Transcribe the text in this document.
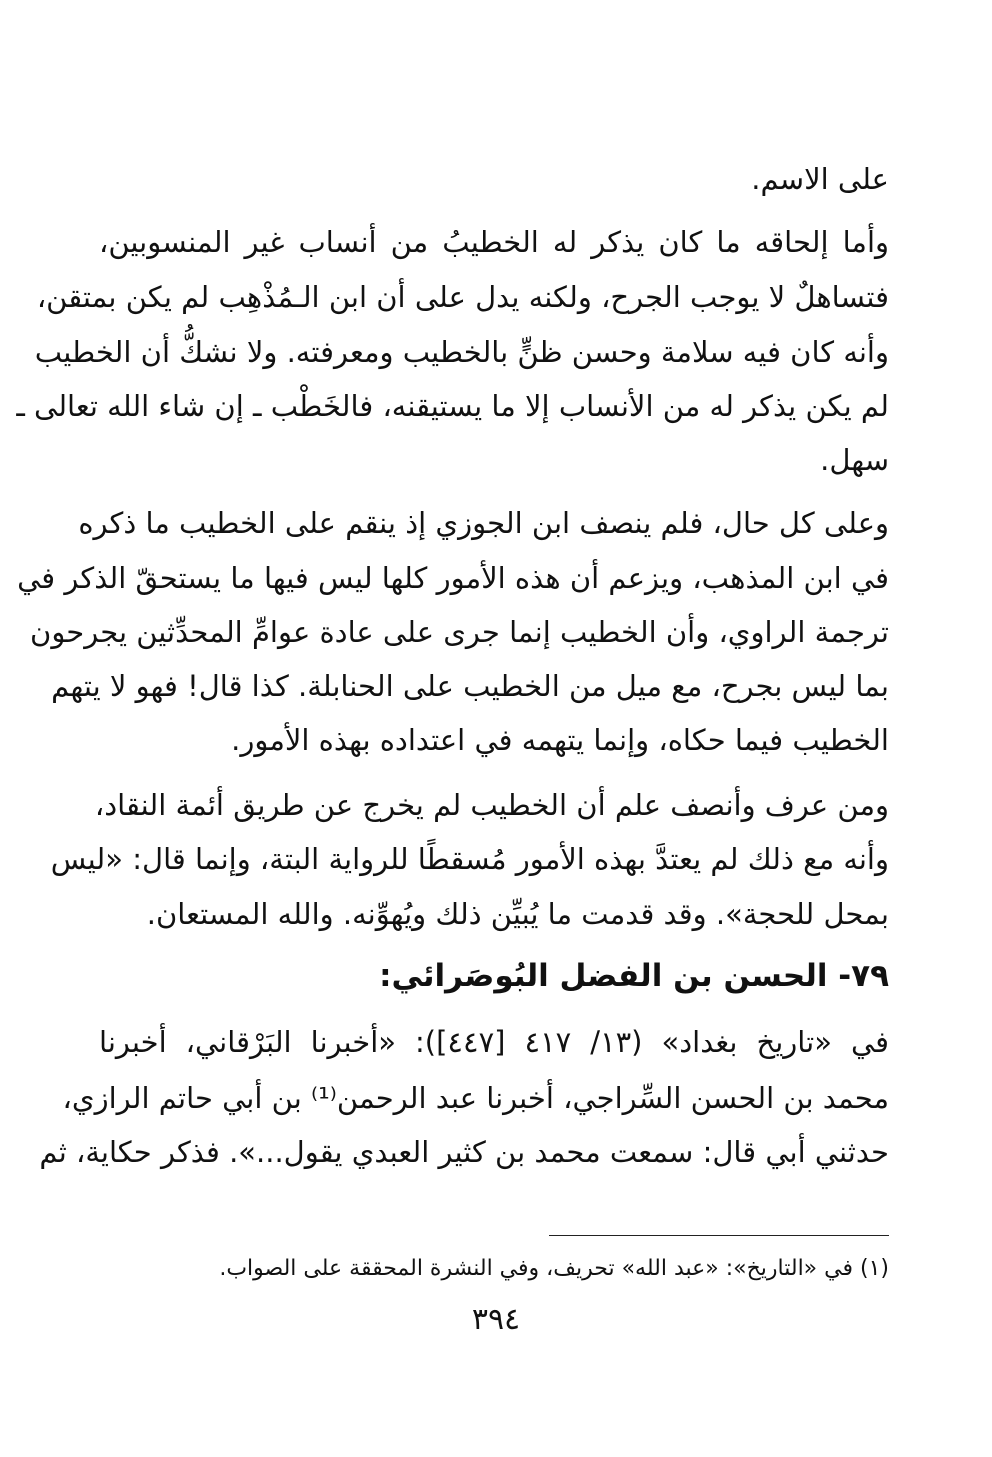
على الاسم.
وأما إلحاقه ما كان يذكر له الخطيبُ من أنساب غير المنسوبين،
فتساهلٌ لا يوجب الجرح، ولكنه يدل على أن ابن الـمُذْهِب لم يكن بمتقن،
وأنه كان فيه سلامة وحسن ظنٍّ بالخطيب ومعرفته. ولا نشكُّ أن الخطيب
لم يكن يذكر له من الأنساب إلا ما يستيقنه، فالخَطْب ـ إن شاء الله تعالى ـ
سهل.
وعلى كل حال، فلم ينصف ابن الجوزي إذ ينقم على الخطيب ما ذكره
في ابن المذهب، ويزعم أن هذه الأمور كلها ليس فيها ما يستحقّ الذكر في
ترجمة الراوي، وأن الخطيب إنما جرى على عادة عوامِّ المحدِّثين يجرحون
بما ليس بجرح، مع ميل من الخطيب على الحنابلة. كذا قال! فهو لا يتهم
الخطيب فيما حكاه، وإنما يتهمه في اعتداده بهذه الأمور.
ومن عرف وأنصف علم أن الخطيب لم يخرج عن طريق أئمة النقاد،
وأنه مع ذلك لم يعتدَّ بهذه الأمور مُسقطًا للرواية البتة، وإنما قال: «ليس
بمحل للحجة». وقد قدمت ما يُبيِّن ذلك ويُهوِّنه. والله المستعان.
٧٩- الحسن بن الفضل البُوصَرائي:
في «تاريخ بغداد» (١٣/ ٤١٧ [٤٤٧]): «أخبرنا البَرْقاني، أخبرنا
محمد بن الحسن السِّراجي، أخبرنا عبد الرحمن⁽¹⁾ بن أبي حاتم الرازي،
حدثني أبي قال: سمعت محمد بن كثير العبدي يقول...». فذكر حكاية، ثم
(١) في «التاريخ»: «عبد الله» تحريف، وفي النشرة المحققة على الصواب.
٣٩٤
